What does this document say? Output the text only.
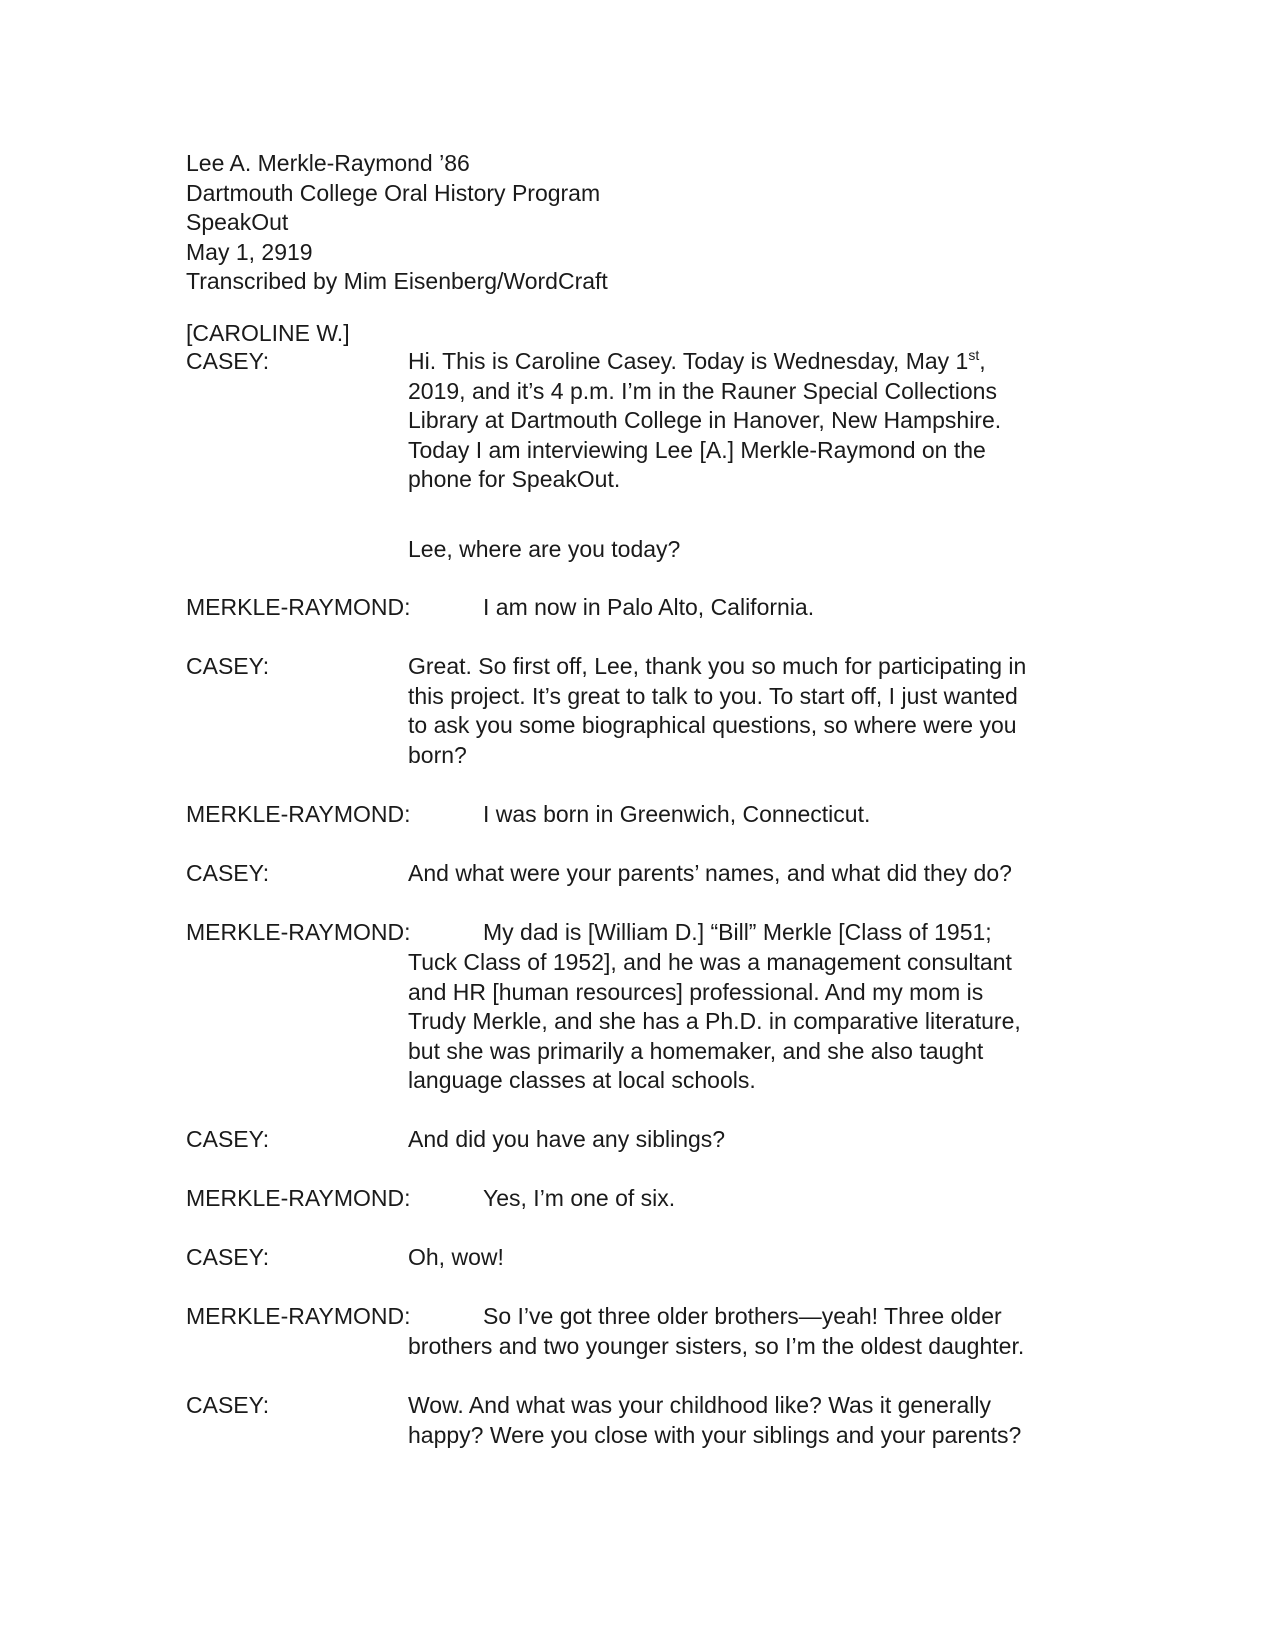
Lee A. Merkle-Raymond ’86
Dartmouth College Oral History Program
SpeakOut
May 1, 2919
Transcribed by Mim Eisenberg/WordCraft
[CAROLINE W.]
CASEY:	Hi. This is Caroline Casey. Today is Wednesday, May 1st,
2019, and it’s 4 p.m. I’m in the Rauner Special Collections
Library at Dartmouth College in Hanover, New Hampshire.
Today I am interviewing Lee [A.] Merkle-Raymond on the
phone for SpeakOut.
Lee, where are you today?
MERKLE-RAYMOND:	I am now in Palo Alto, California.
CASEY:	Great. So first off, Lee, thank you so much for participating in
this project. It’s great to talk to you. To start off, I just wanted
to ask you some biographical questions, so where were you
born?
MERKLE-RAYMOND:	I was born in Greenwich, Connecticut.
CASEY:	And what were your parents’ names, and what did they do?
MERKLE-RAYMOND:	My dad is [William D.] “Bill” Merkle [Class of 1951;
Tuck Class of 1952], and he was a management consultant
and HR [human resources] professional. And my mom is
Trudy Merkle, and she has a Ph.D. in comparative literature,
but she was primarily a homemaker, and she also taught
language classes at local schools.
CASEY:	And did you have any siblings?
MERKLE-RAYMOND:	Yes, I’m one of six.
CASEY:	Oh, wow!
MERKLE-RAYMOND:	So I’ve got three older brothers—yeah! Three older
brothers and two younger sisters, so I’m the oldest daughter.
CASEY:	Wow. And what was your childhood like? Was it generally
happy? Were you close with your siblings and your parents?
